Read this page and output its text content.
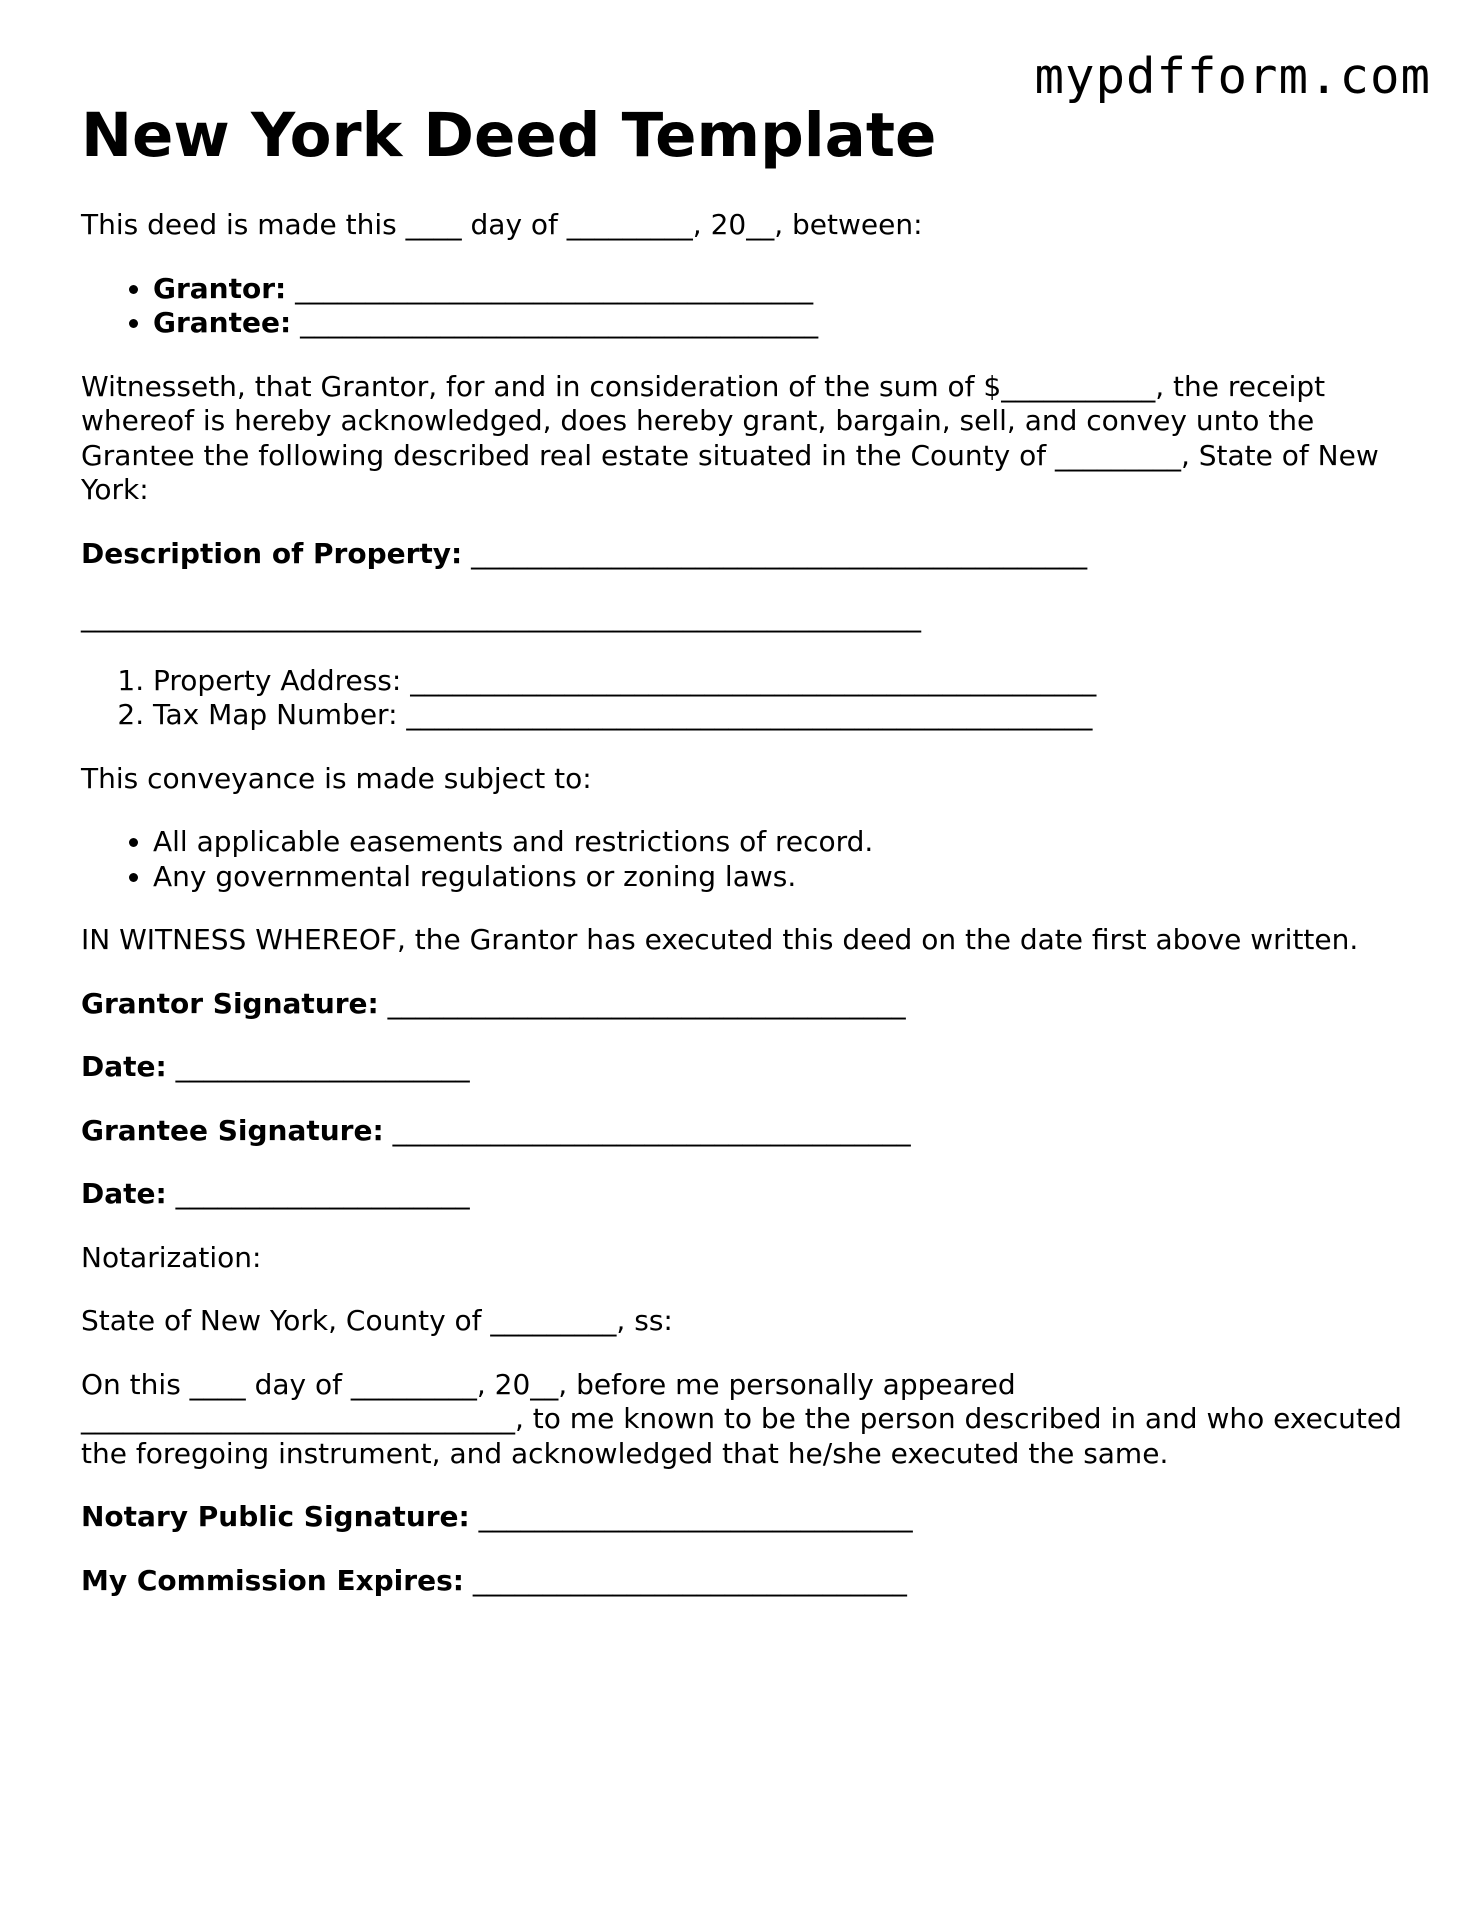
mypdfform.com
New York Deed Template

This deed is made this ____ day of _________, 20__, between:

• Grantor: _____________________________________
• Grantee: _____________________________________

Witnesseth, that Grantor, for and in consideration of the sum of $___________, the receipt whereof is hereby acknowledged, does hereby grant, bargain, sell, and convey unto the Grantee the following described real estate situated in the County of _________, State of New York:

Description of Property: ____________________________________________

____________________________________________________________

1. Property Address: _________________________________________________
2. Tax Map Number: _________________________________________________

This conveyance is made subject to:

• All applicable easements and restrictions of record.
• Any governmental regulations or zoning laws.

IN WITNESS WHEREOF, the Grantor has executed this deed on the date first above written.

Grantor Signature: _____________________________________

Date: _____________________

Grantee Signature: _____________________________________

Date: _____________________

Notarization:

State of New York, County of _________, ss:

On this ____ day of _________, 20__, before me personally appeared _______________________________, to me known to be the person described in and who executed the foregoing instrument, and acknowledged that he/she executed the same.

Notary Public Signature: _______________________________

My Commission Expires: _______________________________
